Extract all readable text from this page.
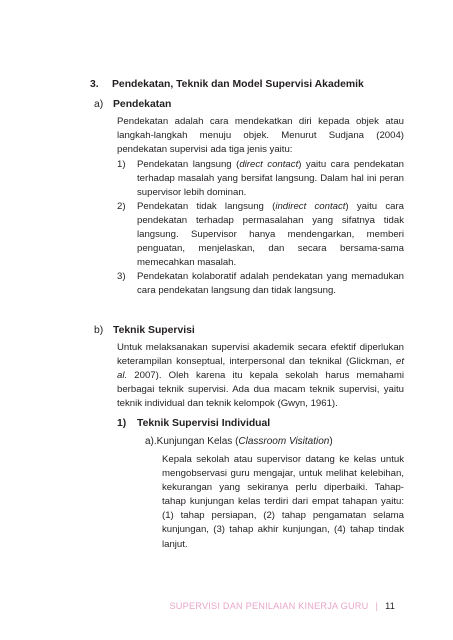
3. Pendekatan, Teknik dan Model Supervisi Akademik
a) Pendekatan

Pendekatan adalah cara mendekatkan diri kepada objek atau langkah-langkah menuju objek. Menurut Sudjana (2004) pendekatan supervisi ada tiga jenis yaitu:

1) Pendekatan langsung (direct contact) yaitu cara pendekatan terhadap masalah yang bersifat langsung. Dalam hal ini peran supervisor lebih dominan.
2) Pendekatan tidak langsung (indirect contact) yaitu cara pendekatan terhadap permasalahan yang sifatnya tidak langsung. Supervisor hanya mendengarkan, memberi penguatan, menjelaskan, dan secara bersama-sama memecahkan masalah.
3) Pendekatan kolaboratif adalah pendekatan yang memadukan cara pendekatan langsung dan tidak langsung.
b) Teknik Supervisi

Untuk melaksanakan supervisi akademik secara efektif diperlukan keterampilan konseptual, interpersonal dan teknikal (Glickman, et al. 2007). Oleh karena itu kepala sekolah harus memahami berbagai teknik supervisi. Ada dua macam teknik supervisi, yaitu teknik individual dan teknik kelompok (Gwyn, 1961).

1) Teknik Supervisi Individual
a).Kunjungan Kelas (Classroom Visitation)

Kepala sekolah atau supervisor datang ke kelas untuk mengobservasi guru mengajar, untuk melihat kelebihan, kekurangan yang sekiranya perlu diperbaiki. Tahap-tahap kunjungan kelas terdiri dari empat tahapan yaitu: (1) tahap persiapan, (2) tahap pengamatan selama kunjungan, (3) tahap akhir kunjungan, (4) tahap tindak lanjut.

SUPERVISI DAN PENILAIAN KINERJA GURU | 11
